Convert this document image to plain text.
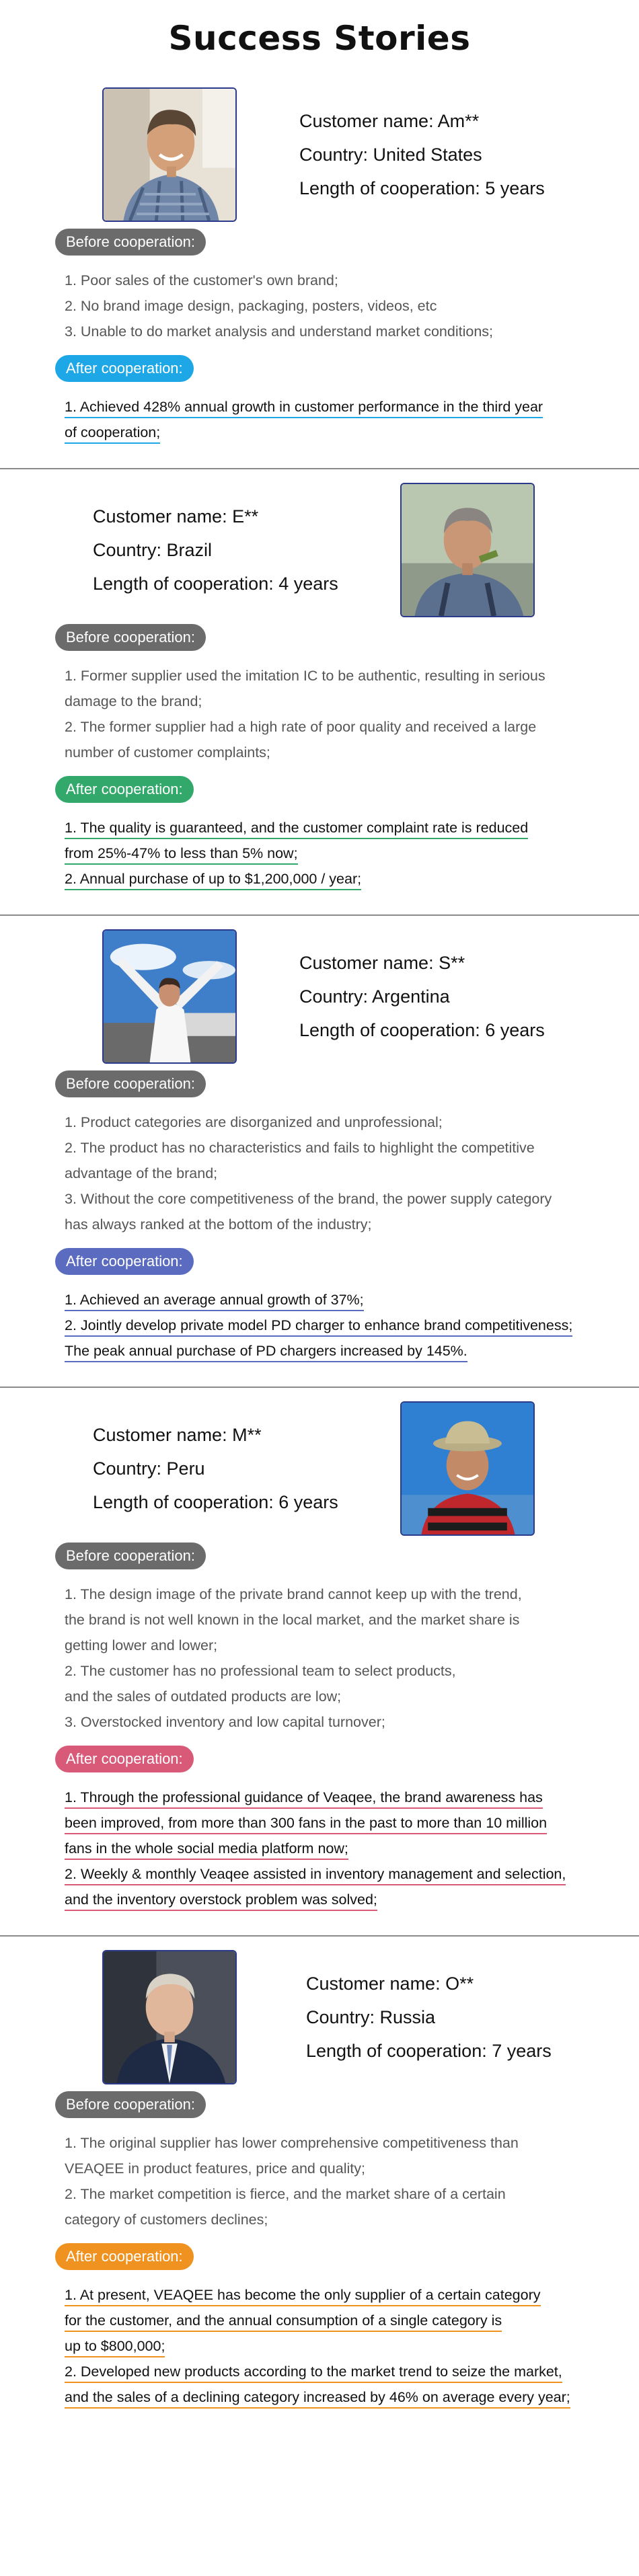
Success Stories
Customer name: Am**
Country: United States
Length of cooperation: 5 years
Before cooperation:
1. Poor sales of the customer's own brand;
2. No brand image design, packaging, posters, videos, etc
3. Unable to do market analysis and understand market conditions;
After cooperation:
1. Achieved 428% annual growth in customer performance in the third year
of cooperation;
Customer name: E**
Country: Brazil
Length of cooperation: 4 years
Before cooperation:
1. Former supplier used the imitation IC to be authentic, resulting in serious
damage to the brand;
2. The former supplier had a high rate of poor quality and received a large
number of customer complaints;
After cooperation:
1. The quality is guaranteed, and the customer complaint rate is reduced
from 25%-47% to less than 5% now;
2. Annual purchase of up to $1,200,000 / year;
Customer name: S**
Country: Argentina
Length of cooperation: 6 years
Before cooperation:
1. Product categories are disorganized and unprofessional;
2. The product has no characteristics and fails to highlight the competitive
advantage of the brand;
3. Without the core competitiveness of the brand, the power supply category
has always ranked at the bottom of the industry;
After cooperation:
1. Achieved an average annual growth of 37%;
2. Jointly develop private model PD charger to enhance brand competitiveness;
The peak annual purchase of PD chargers increased by 145%.
Customer name: M**
Country: Peru
Length of cooperation: 6 years
Before cooperation:
1. The design image of the private brand cannot keep up with the trend,
the brand is not well known in the local market, and the market share is
getting lower and lower;
2. The customer has no professional team to select products,
and the sales of outdated products are low;
3. Overstocked inventory and low capital turnover;
After cooperation:
1. Through the professional guidance of Veaqee, the brand awareness has
been improved, from more than 300 fans in the past to more than 10 million
fans in the whole social media platform now;
2. Weekly & monthly Veaqee assisted in inventory management and selection,
and the inventory overstock problem was solved;
Customer name: O**
Country: Russia
Length of cooperation: 7 years
Before cooperation:
1. The original supplier has lower comprehensive competitiveness than
VEAQEE in product features, price and quality;
2. The market competition is fierce, and the market share of a certain
category of customers declines;
After cooperation:
1. At present, VEAQEE has become the only supplier of a certain category
for the customer, and the annual consumption of a single category is
up to $800,000;
2. Developed new products according to the market trend to seize the market,
and the sales of a declining category increased by 46% on average every year;
